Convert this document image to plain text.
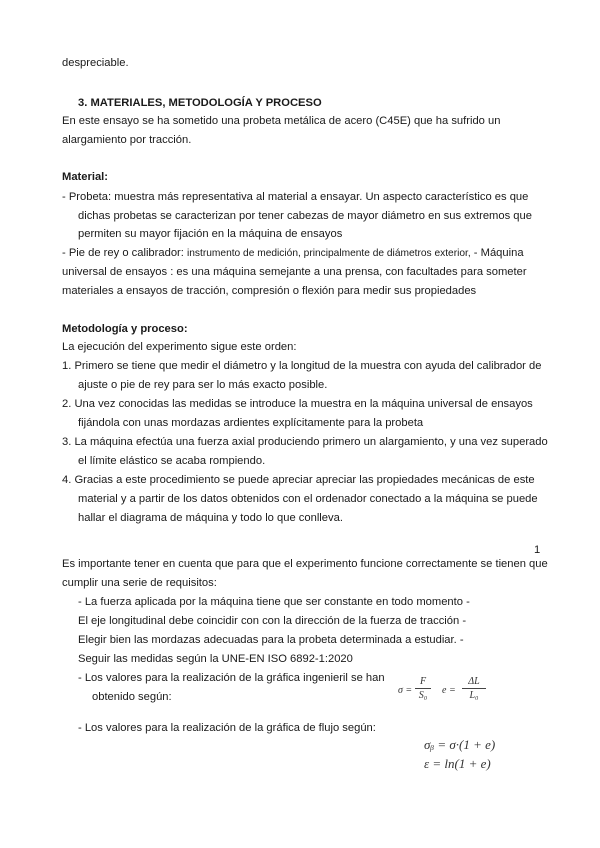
despreciable.
3. MATERIALES, METODOLOGÍA Y PROCESO
En este ensayo se ha sometido una probeta metálica de acero (C45E) que ha sufrido un
alargamiento por tracción.
Material:
- Probeta: muestra más representativa al material a ensayar. Un aspecto característico es que
dichas probetas se caracterizan por tener cabezas de mayor diámetro en sus extremos que
permiten su mayor fijación en la máquina de ensayos
- Pie de rey o calibrador: instrumento de medición, principalmente de diámetros exterior, - Máquina
universal de ensayos : es una máquina semejante a una prensa, con facultades para someter
materiales a ensayos de tracción, compresión o flexión para medir sus propiedades
Metodología y proceso:
La ejecución del experimento sigue este orden:
1. Primero se tiene que medir el diámetro y la longitud de la muestra con ayuda del calibrador de
ajuste o pie de rey para ser lo más exacto posible.
2. Una vez conocidas las medidas se introduce la muestra en la máquina universal de ensayos
fijándola con unas mordazas ardientes explícitamente para la probeta
3. La máquina efectúa una fuerza axial produciendo primero un alargamiento, y una vez superado
el límite elástico se acaba rompiendo.
4. Gracias a este procedimiento se puede apreciar apreciar las propiedades mecánicas de este
material y a partir de los datos obtenidos con el ordenador conectado a la máquina se puede
hallar el diagrama de máquina y todo lo que conlleva.
1
Es importante tener en cuenta que para que el experimento funcione correctamente se tienen que
cumplir una serie de requisitos:
- La fuerza aplicada por la máquina tiene que ser constante en todo momento -
El eje longitudinal debe coincidir con con la dirección de la fuerza de tracción -
Elegir bien las mordazas adecuadas para la probeta determinada a estudiar. -
Seguir las medidas según la UNE-EN ISO 6892-1:2020
- Los valores para la realización de la gráfica ingenieril se han
obtenido según:
σ =
F
S₀	e =
ΔL
L₀
- Los valores para la realización de la gráfica de flujo según:
σᵦ = σ·(1 + e)
ε = ln(1 + e)
